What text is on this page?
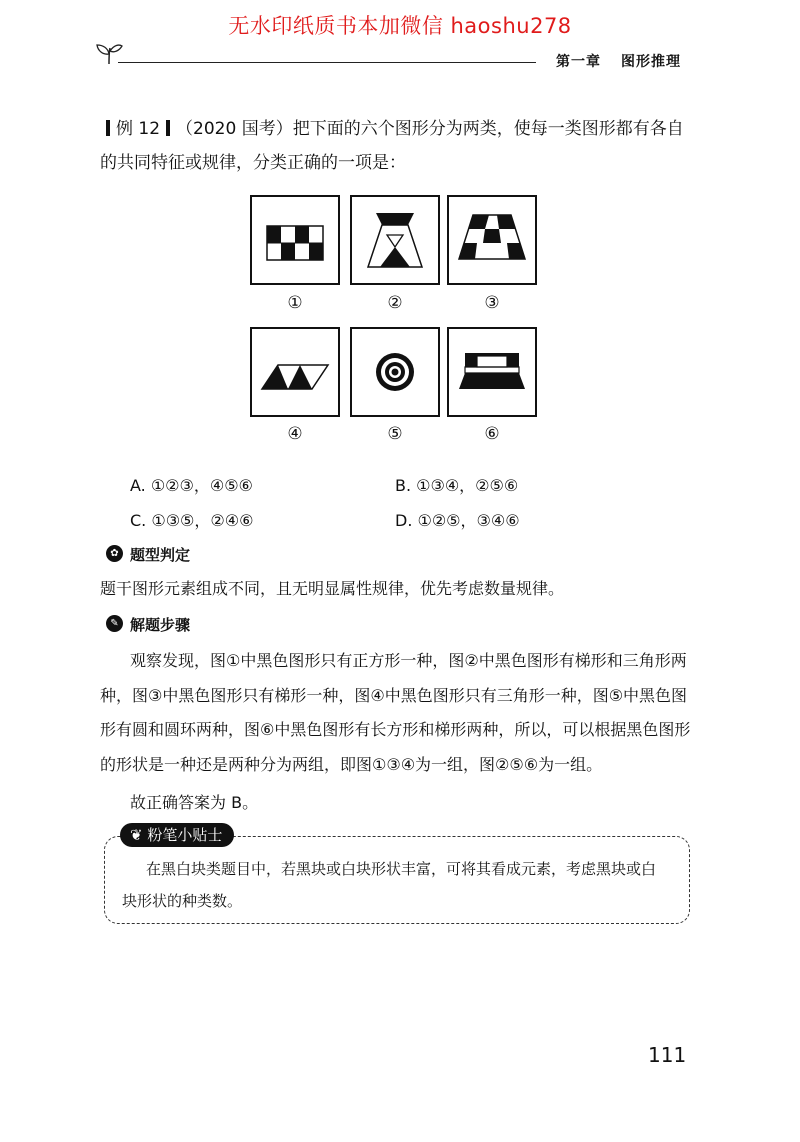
无水印纸质书本加微信 haoshu278
第一章 图形推理
例 12 （2020 国考）把下面的六个图形分为两类，使每一类图形都有各自
的共同特征或规律，分类正确的一项是：
①	②	③
④	⑤	⑥
A. ①②③，④⑤⑥	B. ①③④，②⑤⑥
C. ①③⑤，②④⑥	D. ①②⑤，③④⑥
✿ 题型判定
题干图形元素组成不同，且无明显属性规律，优先考虑数量规律。
✎ 解题步骤
观察发现，图①中黑色图形只有正方形一种，图②中黑色图形有梯形和三角形两
种，图③中黑色图形只有梯形一种，图④中黑色图形只有三角形一种，图⑤中黑色图
形有圆和圆环两种，图⑥中黑色图形有长方形和梯形两种，所以，可以根据黑色图形
的形状是一种还是两种分为两组，即图①③④为一组，图②⑤⑥为一组。
故正确答案为 B。
❦ 粉笔小贴士
在黑白块类题目中，若黑块或白块形状丰富，可将其看成元素，考虑黑块或白
块形状的种类数。
111
